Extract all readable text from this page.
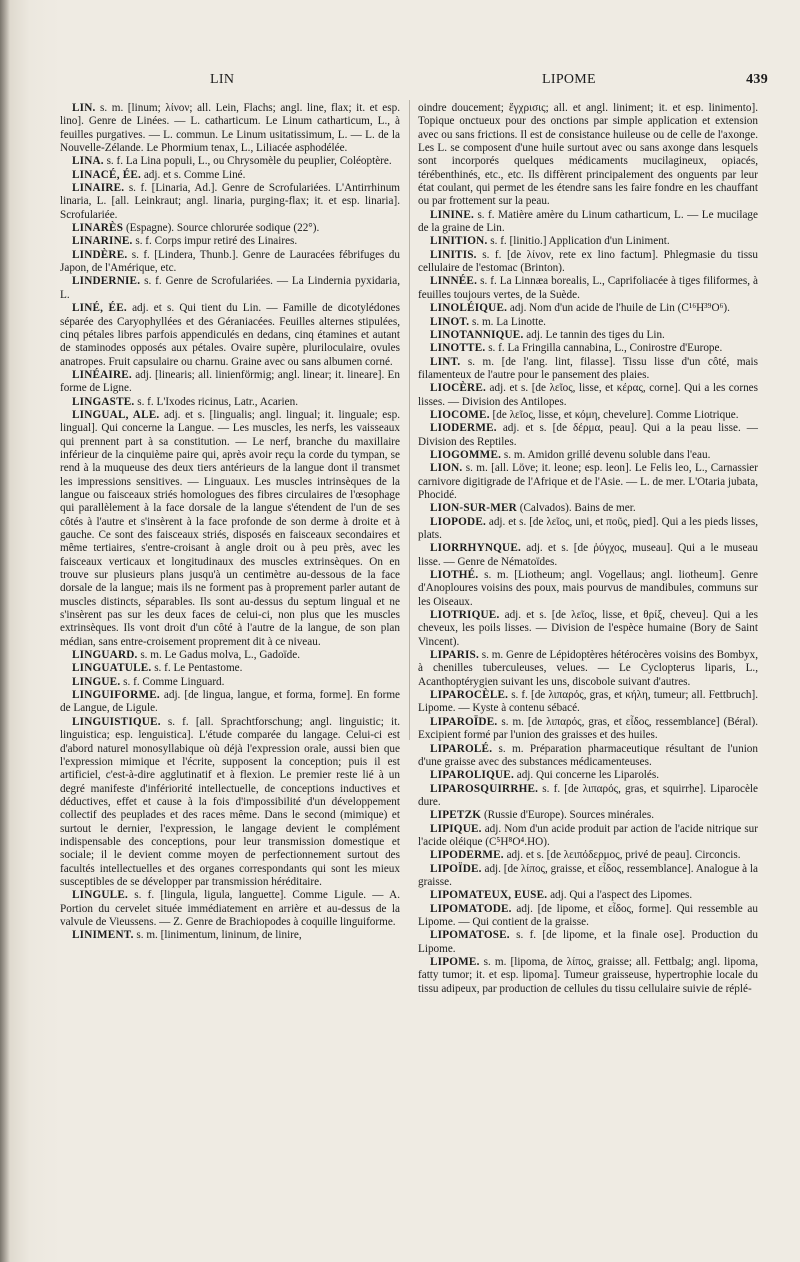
LIN	LIPOME	439

LIN. s. m. [linum; λίνον; all. Lein, Flachs; angl. line, flax; it. et esp. lino]. Genre de Linées. — L. catharticum. Le Linum catharticum, L., à feuilles purgatives. — L. commun. Le Linum usitatissimum, L. — L. de la Nouvelle-Zélande. Le Phormium tenax, L., Liliacée asphodélée.

LINA. s. f. La Lina populi, L., ou Chrysomèle du peuplier, Coléoptère.

LINACÉ, ÉE. adj. et s. Comme Liné.

LINAIRE. s. f. [Linaria, Ad.]. Genre de Scrofulariées. L'Antirrhinum linaria, L. [all. Leinkraut; angl. linaria, purging-flax; it. et esp. linaria]. Scrofulariée.

LINARÈS (Espagne). Source chlorurée sodique (22°).

LINARINE. s. f. Corps impur retiré des Linaires.

LINDÈRE. s. f. [Lindera, Thunb.]. Genre de Lauracées fébrifuges du Japon, de l'Amérique, etc.

LINDERNIE. s. f. Genre de Scrofulariées. — La Lindernia pyxidaria, L.

LINÉ, ÉE. adj. et s. Qui tient du Lin. — Famille de dicotylédones séparée des Caryophyllées et des Géraniacées. Feuilles alternes stipulées, cinq pétales libres parfois appendiculés en dedans, cinq étamines et autant de staminodes opposés aux pétales. Ovaire supère, pluriloculaire, ovules anatropes. Fruit capsulaire ou charnu. Graine avec ou sans albumen corné.

LINÉAIRE. adj. [linearis; all. linienförmig; angl. linear; it. lineare]. En forme de Ligne.

LINGASTE. s. f. L'Ixodes ricinus, Latr., Acarien.

LINGUAL, ALE. adj. et s. [lingualis; angl. lingual; it. linguale; esp. lingual]. Qui concerne la Langue. — Les muscles, les nerfs, les vaisseaux qui prennent part à sa constitution. — Le nerf, branche du maxillaire inférieur de la cinquième paire qui, après avoir reçu la corde du tympan, se rend à la muqueuse des deux tiers antérieurs de la langue dont il transmet les impressions sensitives. — Linguaux. Les muscles intrinsèques de la langue ou faisceaux striés homologues des fibres circulaires de l'œsophage qui parallèlement à la face dorsale de la langue s'étendent de l'un de ses côtés à l'autre et s'insèrent à la face profonde de son derme à droite et à gauche. Ce sont des faisceaux striés, disposés en faisceaux secondaires et même tertiaires, s'entre-croisant à angle droit ou à peu près, avec les faisceaux verticaux et longitudinaux des muscles extrinsèques. On en trouve sur plusieurs plans jusqu'à un centimètre au-dessous de la face dorsale de la langue; mais ils ne forment pas à proprement parler autant de muscles distincts, séparables. Ils sont au-dessus du septum lingual et ne s'insèrent pas sur les deux faces de celui-ci, non plus que les muscles extrinsèques. Ils vont droit d'un côté à l'autre de la langue, de son plan médian, sans entre-croisement proprement dit à ce niveau.

LINGUARD. s. m. Le Gadus molva, L., Gadoïde.

LINGUATULE. s. f. Le Pentastome.

LINGUE. s. f. Comme Linguard.

LINGUIFORME. adj. [de lingua, langue, et forma, forme]. En forme de Langue, de Ligule.

LINGUISTIQUE. s. f. [all. Sprachtforschung; angl. linguistic; it. linguistica; esp. lenguistica]. L'étude comparée du langage. Celui-ci est d'abord naturel monosyllabique où déjà l'expression orale, aussi bien que l'expression mimique et l'écrite, supposent la conception; puis il est artificiel, c'est-à-dire agglutinatif et à flexion. Le premier reste lié à un degré manifeste d'infériorité intellectuelle, de conceptions inductives et déductives, effet et cause à la fois d'impossibilité d'un développement collectif des peuplades et des races même. Dans le second (mimique) et surtout le dernier, l'expression, le langage devient le complément indispensable des conceptions, pour leur transmission domestique et sociale; il le devient comme moyen de perfectionnement surtout des facultés intellectuelles et des organes correspondants qui sont les mieux susceptibles de se développer par transmission héréditaire.

LINGULE. s. f. [lingula, ligula, languette]. Comme Ligule. — A. Portion du cervelet située immédiatement en arrière et au-dessus de la valvule de Vieussens. — Z. Genre de Brachiopodes à coquille linguiforme.

LINIMENT. s. m. [linimentum, lininum, de linire,

oindre doucement; ἔγχρισις; all. et angl. liniment; it. et esp. linimento]. Topique onctueux pour des onctions par simple application et extension avec ou sans frictions. Il est de consistance huileuse ou de celle de l'axonge. Les L. se composent d'une huile surtout avec ou sans axonge dans lesquels sont incorporés quelques médicaments mucilagineux, opiacés, térébenthinés, etc., etc. Ils diffèrent principalement des onguents par leur état coulant, qui permet de les étendre sans les faire fondre en les chauffant ou par frottement sur la peau.

LININE. s. f. Matière amère du Linum catharticum, L. — Le mucilage de la graine de Lin.

LINITION. s. f. [linitio.] Application d'un Liniment.

LINITIS. s. f. [de λίνον, rete ex lino factum]. Phlegmasie du tissu cellulaire de l'estomac (Brinton).

LINNÉE. s. f. La Linnæa borealis, L., Caprifoliacée à tiges filiformes, à feuilles toujours vertes, de la Suède.

LINOLÉIQUE. adj. Nom d'un acide de l'huile de Lin (C¹⁶H³⁹O⁶).

LINOT. s. m. La Linotte.

LINOTANNIQUE. adj. Le tannin des tiges du Lin.

LINOTTE. s. f. La Fringilla cannabina, L., Conirostre d'Europe.

LINT. s. m. [de l'ang. lint, filasse]. Tissu lisse d'un côté, mais filamenteux de l'autre pour le pansement des plaies.

LIOCÈRE. adj. et s. [de λεῖος, lisse, et κέρας, corne]. Qui a les cornes lisses. — Division des Antilopes.

LIOCOME. [de λεῖος, lisse, et κόμη, chevelure]. Comme Liotrique.

LIODERME. adj. et s. [de δέρμα, peau]. Qui a la peau lisse. — Division des Reptiles.

LIOGOMME. s. m. Amidon grillé devenu soluble dans l'eau.

LION. s. m. [all. Löve; it. leone; esp. leon]. Le Felis leo, L., Carnassier carnivore digitigrade de l'Afrique et de l'Asie. — L. de mer. L'Otaria jubata, Phocidé.

LION-SUR-MER (Calvados). Bains de mer.

LIOPODE. adj. et s. [de λεῖος, uni, et ποῦς, pied]. Qui a les pieds lisses, plats.

LIORRHYNQUE. adj. et s. [de ῥύγχος, museau]. Qui a le museau lisse. — Genre de Nématoïdes.

LIOTHÉ. s. m. [Liotheum; angl. Vogellaus; angl. liotheum]. Genre d'Anoploures voisins des poux, mais pourvus de mandibules, communs sur les Oiseaux.

LIOTRIQUE. adj. et s. [de λεῖος, lisse, et θρίξ, cheveu]. Qui a les cheveux, les poils lisses. — Division de l'espèce humaine (Bory de Saint Vincent).

LIPARIS. s. m. Genre de Lépidoptères hétérocères voisins des Bombyx, à chenilles tuberculeuses, velues. — Le Cyclopterus liparis, L., Acanthoptérygien suivant les uns, discobole suivant d'autres.

LIPAROCÈLE. s. f. [de λιπαρός, gras, et κήλη, tumeur; all. Fettbruch]. Lipome. — Kyste à contenu sébacé.

LIPAROÏDE. s. m. [de λιπαρός, gras, et εἶδος, ressemblance] (Béral). Excipient formé par l'union des graisses et des huiles.

LIPAROLÉ. s. m. Préparation pharmaceutique résultant de l'union d'une graisse avec des substances médicamenteuses.

LIPAROLIQUE. adj. Qui concerne les Liparolés.

LIPAROSQUIRRHE. s. f. [de λιπαρός, gras, et squirrhe]. Liparocèle dure.

LIPETZK (Russie d'Europe). Sources minérales.

LIPIQUE. adj. Nom d'un acide produit par action de l'acide nitrique sur l'acide oléique (C⁵H⁸O⁴.HO).

LIPODERME. adj. et s. [de λειπόδερμος, privé de peau]. Circoncis.

LIPOÏDE. adj. [de λίπος, graisse, et εἶδος, ressemblance]. Analogue à la graisse.

LIPOMATEUX, EUSE. adj. Qui a l'aspect des Lipomes.

LIPOMATODE. adj. [de lipome, et εἶδος, forme]. Qui ressemble au Lipome. — Qui contient de la graisse.

LIPOMATOSE. s. f. [de lipome, et la finale ose]. Production du Lipome.

LIPOME. s. m. [lipoma, de λίπος, graisse; all. Fettbalg; angl. lipoma, fatty tumor; it. et esp. lipoma]. Tumeur graisseuse, hypertrophie locale du tissu adipeux, par production de cellules du tissu cellulaire suivie de réplé-
